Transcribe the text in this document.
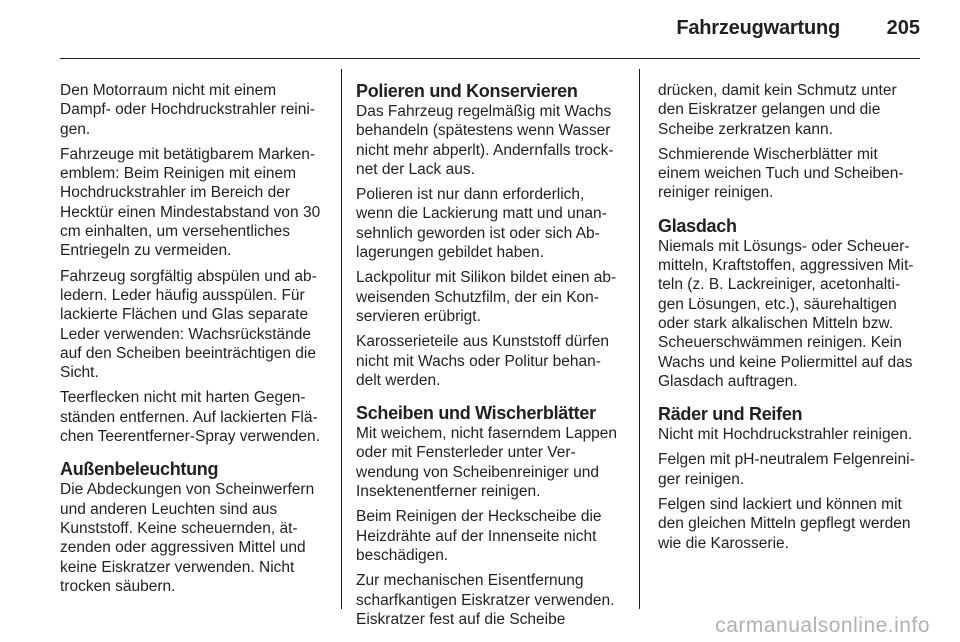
Fahrzeugwartung 205

Den Motorraum nicht mit einem Dampf- oder Hochdruckstrahler reinigen.

Fahrzeuge mit betätigbarem Markenemblem: Beim Reinigen mit einem Hochdruckstrahler im Bereich der Hecktür einen Mindestabstand von 30 cm einhalten, um versehentliches Entriegeln zu vermeiden.

Fahrzeug sorgfältig abspülen und abledern. Leder häufig ausspülen. Für lackierte Flächen und Glas separate Leder verwenden: Wachsrückstände auf den Scheiben beeinträchtigen die Sicht.

Teerflecken nicht mit harten Gegenständen entfernen. Auf lackierten Flächen Teerentferner-Spray verwenden.

Außenbeleuchtung

Die Abdeckungen von Scheinwerfern und anderen Leuchten sind aus Kunststoff. Keine scheuernden, ätzenden oder aggressiven Mittel und keine Eiskratzer verwenden. Nicht trocken säubern.

Polieren und Konservieren

Das Fahrzeug regelmäßig mit Wachs behandeln (spätestens wenn Wasser nicht mehr abperlt). Andernfalls trocknet der Lack aus.

Polieren ist nur dann erforderlich, wenn die Lackierung matt und unansehnlich geworden ist oder sich Ablagerungen gebildet haben.

Lackpolitur mit Silikon bildet einen abweisenden Schutzfilm, der ein Konservieren erübrigt.

Karosserieteile aus Kunststoff dürfen nicht mit Wachs oder Politur behandelt werden.

Scheiben und Wischerblätter

Mit weichem, nicht faserndem Lappen oder mit Fensterleder unter Verwendung von Scheibenreiniger und Insektenentferner reinigen.

Beim Reinigen der Heckscheibe die Heizdrähte auf der Innenseite nicht beschädigen.

Zur mechanischen Eisentfernung scharfkantigen Eiskratzer verwenden. Eiskratzer fest auf die Scheibe

drücken, damit kein Schmutz unter den Eiskratzer gelangen und die Scheibe zerkratzen kann.

Schmierende Wischerblätter mit einem weichen Tuch und Scheibenreiniger reinigen.

Glasdach

Niemals mit Lösungs- oder Scheuermitteln, Kraftstoffen, aggressiven Mitteln (z. B. Lackreiniger, acetonhaltigen Lösungen, etc.), säurehaltigen oder stark alkalischen Mitteln bzw. Scheuerschwämmen reinigen. Kein Wachs und keine Poliermittel auf das Glasdach auftragen.

Räder und Reifen

Nicht mit Hochdruckstrahler reinigen.

Felgen mit pH-neutralem Felgenreiniger reinigen.

Felgen sind lackiert und können mit den gleichen Mitteln gepflegt werden wie die Karosserie.

carmanualsonline.info
